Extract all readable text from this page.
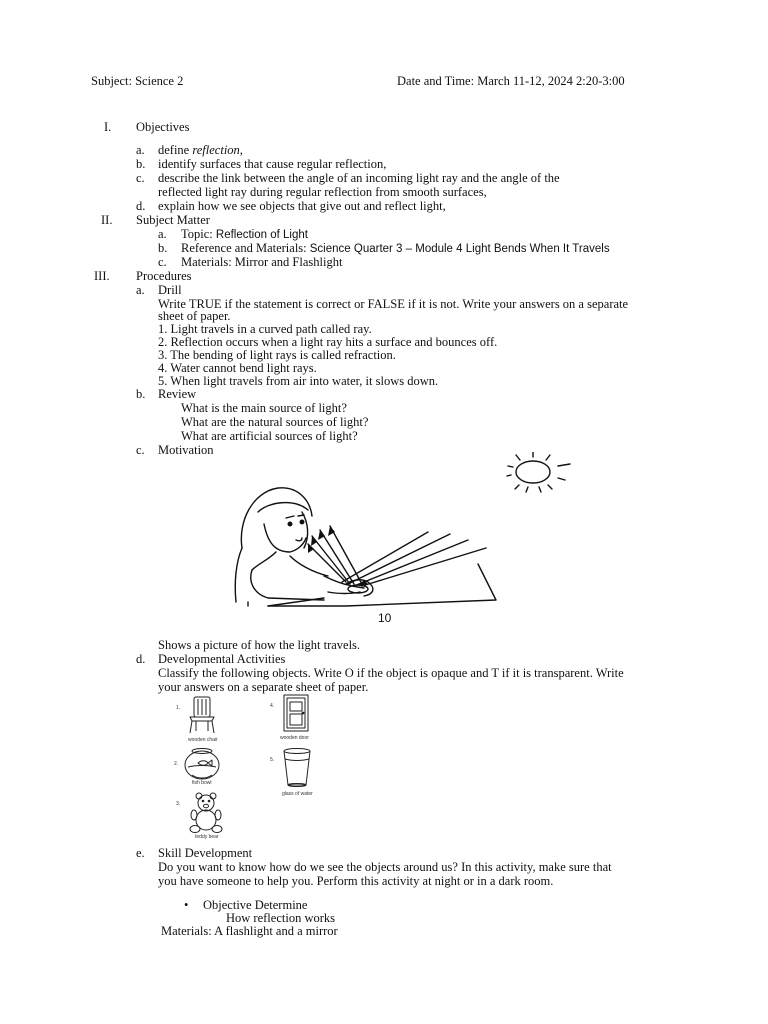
Subject: Science 2	Date and Time: March 11-12, 2024 2:20-3:00
I. Objectives
a. define reflection,
b. identify surfaces that cause regular reflection,
c. describe the link between the angle of an incoming light ray and the angle of the
reflected light ray during regular reflection from smooth surfaces,
d. explain how we see objects that give out and reflect light,
II. Subject Matter
a. Topic: Reflection of Light
b. Reference and Materials: Science Quarter 3 – Module 4 Light Bends When It Travels
c. Materials: Mirror and Flashlight
III. Procedures
a. Drill
Write TRUE if the statement is correct or FALSE if it is not. Write your answers on a separate
sheet of paper.
1. Light travels in a curved path called ray.
2. Reflection occurs when a light ray hits a surface and bounces off.
3. The bending of light rays is called refraction.
4. Water cannot bend light rays.
5. When light travels from air into water, it slows down.
b. Review
What is the main source of light?
What are the natural sources of light?
What are artificial sources of light?
c. Motivation
10
Shows a picture of how the light travels.
d. Developmental Activities
Classify the following objects. Write O if the object is opaque and T if it is transparent. Write
your answers on a separate sheet of paper.
1.
wooden chair
2.
fish bowl
3.
teddy bear
4.
wooden door
5.
glass of water
e. Skill Development
Do you want to know how do we see the objects around us? In this activity, make sure that
you have someone to help you. Perform this activity at night or in a dark room.
• Objective Determine
How reflection works
Materials: A flashlight and a mirror
